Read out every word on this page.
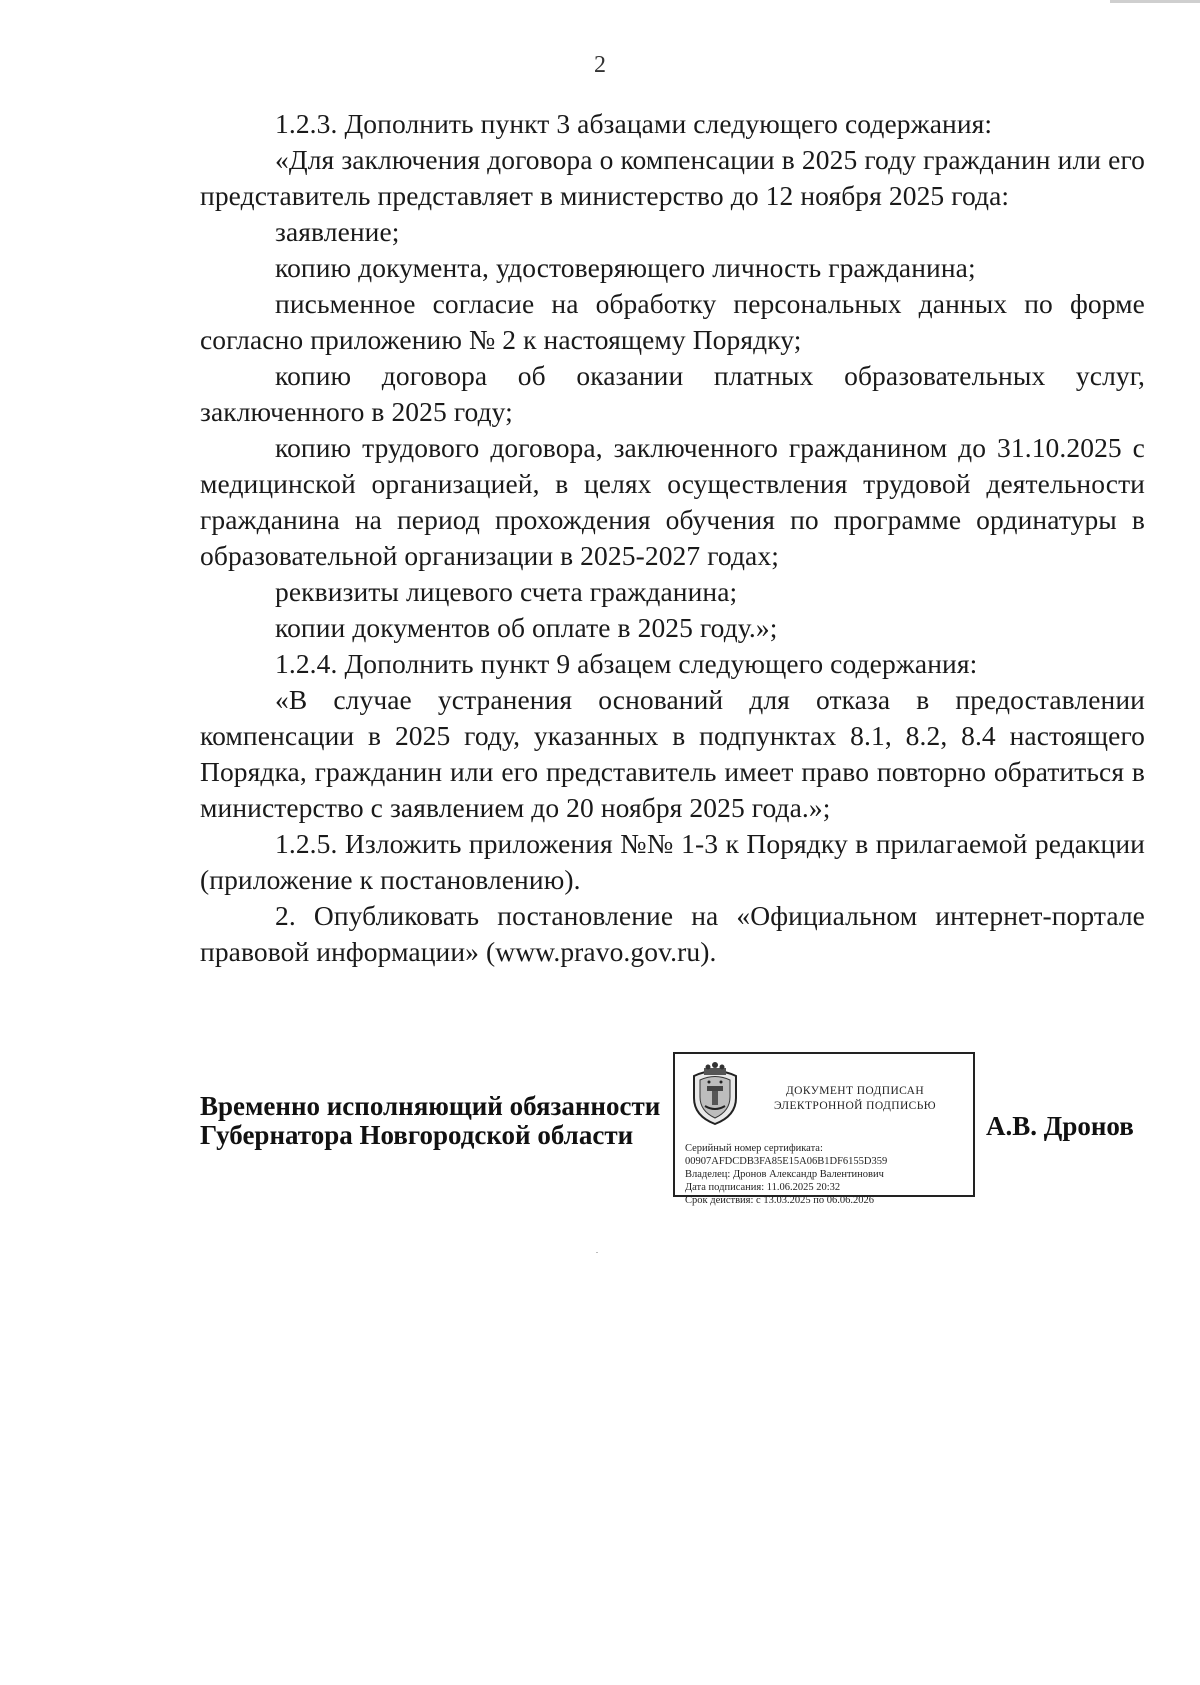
2

1.2.3. Дополнить пункт 3 абзацами следующего содержания:

«Для заключения договора о компенсации в 2025 году гражданин или его представитель представляет в министерство до 12 ноября 2025 года:

заявление;

копию документа, удостоверяющего личность гражданина;

письменное согласие на обработку персональных данных по форме согласно приложению № 2 к настоящему Порядку;

копию договора об оказании платных образовательных услуг, заключенного в 2025 году;

копию трудового договора, заключенного гражданином до 31.10.2025 с медицинской организацией, в целях осуществления трудовой деятельности гражданина на период прохождения обучения по программе ординатуры в образовательной организации в 2025-2027 годах;

реквизиты лицевого счета гражданина;

копии документов об оплате в 2025 году.»;

1.2.4. Дополнить пункт 9 абзацем следующего содержания:

«В случае устранения оснований для отказа в предоставлении компенсации в 2025 году, указанных в подпунктах 8.1, 8.2, 8.4 настоящего Порядка, гражданин или его представитель имеет право повторно обратиться в министерство с заявлением до 20 ноября 2025 года.»;

1.2.5. Изложить приложения №№ 1-3 к Порядку в прилагаемой редакции (приложение к постановлению).

2. Опубликовать постановление на «Официальном интернет-портале правовой информации» (www.pravo.gov.ru).

Временно исполняющий обязанности
Губернатора Новгородской области
ДОКУМЕНТ ПОДПИСАН
ЭЛЕКТРОННОЙ ПОДПИСЬЮ
Серийный номер сертификата:
00907AFDCDB3FA85E15A06B1DF6155D359
Владелец: Дронов Александр Валентинович
Дата подписания: 11.06.2025 20:32
Срок действия: с 13.03.2025 по 06.06.2026
А.В. Дронов
